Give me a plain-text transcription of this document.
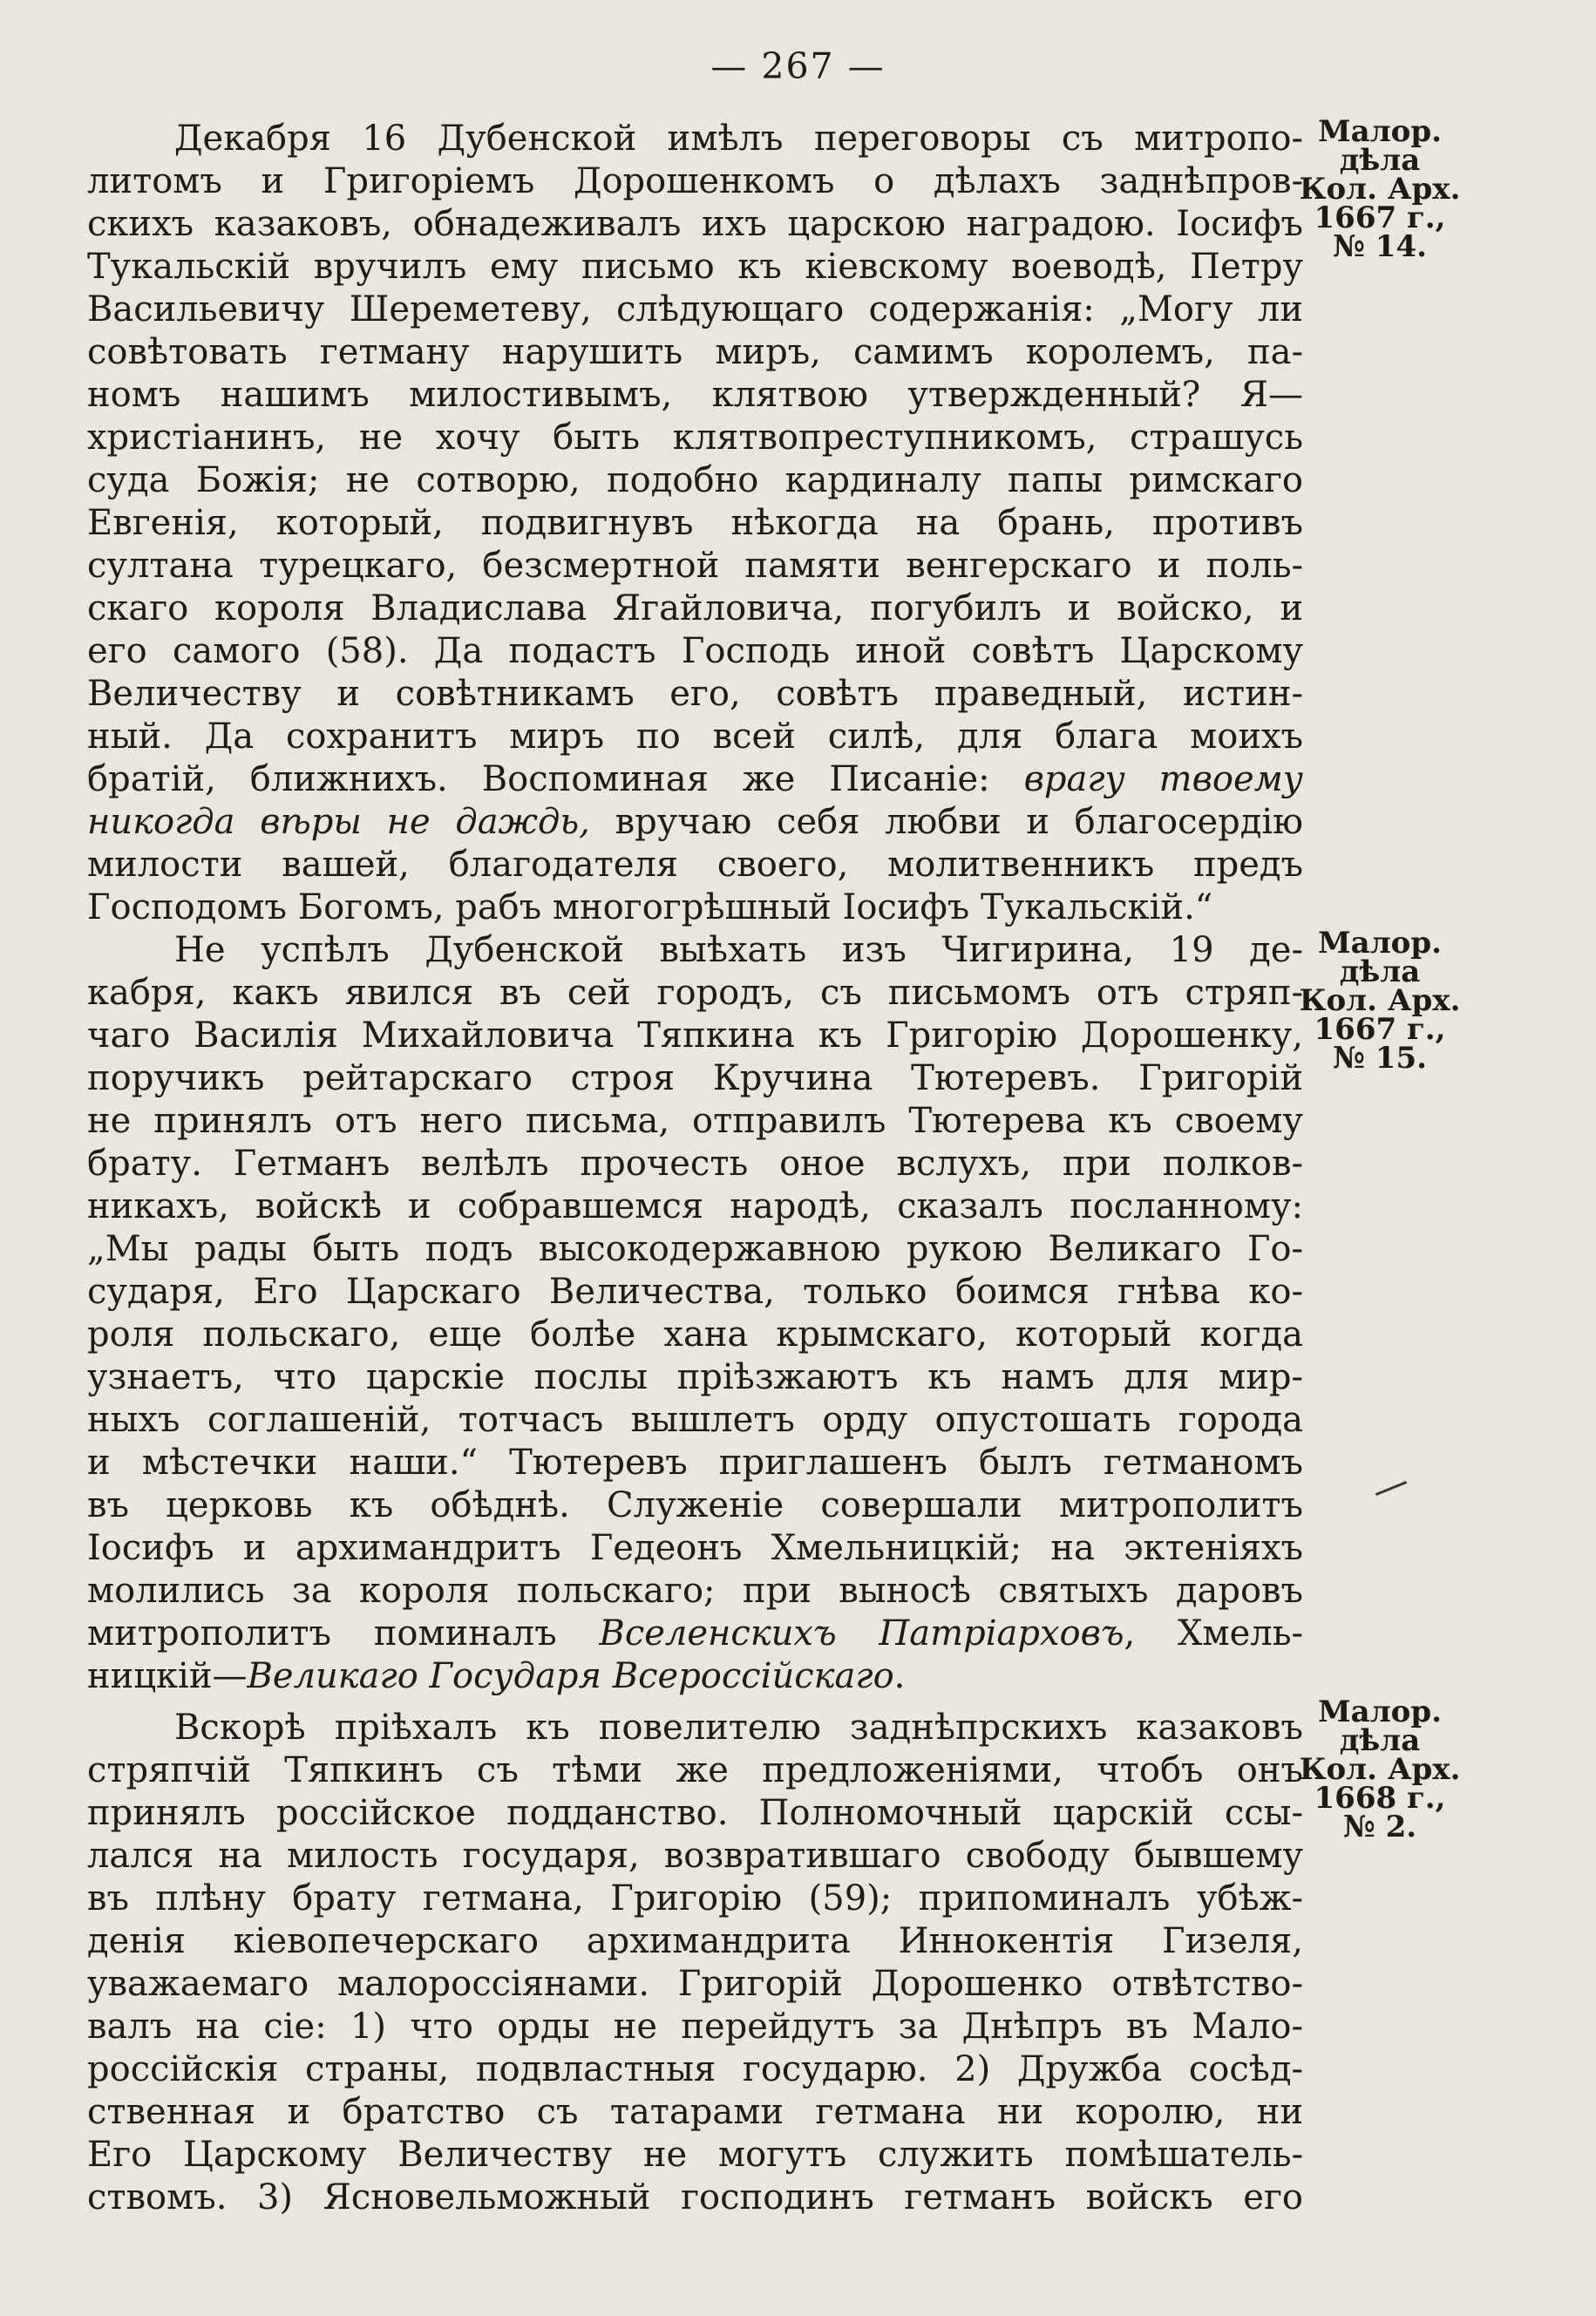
— 267 —
Декабря 16 Дубенской имѣлъ переговоры съ митропо-
литомъ и Григоріемъ Дорошенкомъ о дѣлахъ заднѣпров-
скихъ казаковъ, обнадеживалъ ихъ царскою наградою. Іосифъ
Тукальскій вручилъ ему письмо къ кіевскому воеводѣ, Петру
Васильевичу Шереметеву, слѣдующаго содержанія: „Могу ли
совѣтовать гетману нарушить миръ, самимъ королемъ, па-
номъ нашимъ милостивымъ, клятвою утвержденный? Я—
христіанинъ, не хочу быть клятвопреступникомъ, страшусь
суда Божія; не сотворю, подобно кардиналу папы римскаго
Евгенія, который, подвигнувъ нѣкогда на брань, противъ
султана турецкаго, безсмертной памяти венгерскаго и поль-
скаго короля Владислава Ягайловича, погубилъ и войско, и
его самого (58). Да подастъ Господь иной совѣтъ Царскому
Величеству и совѣтникамъ его, совѣтъ праведный, истин-
ный. Да сохранитъ миръ по всей силѣ, для блага моихъ
братій, ближнихъ. Воспоминая же Писаніе: врагу твоему
никогда вѣры не даждь, вручаю себя любви и благосердію
милости вашей, благодателя своего, молитвенникъ предъ
Господомъ Богомъ, рабъ многогрѣшный Іосифъ Тукальскій.“
Не успѣлъ Дубенской выѣхать изъ Чигирина, 19 де-
кабря, какъ явился въ сей городъ, съ письмомъ отъ стряп-
чаго Василія Михайловича Тяпкина къ Григорію Дорошенку,
поручикъ рейтарскаго строя Кручина Тютеревъ. Григорій
не принялъ отъ него письма, отправилъ Тютерева къ своему
брату. Гетманъ велѣлъ прочесть оное вслухъ, при полков-
никахъ, войскѣ и собравшемся народѣ, сказалъ посланному:
„Мы рады быть подъ высокодержавною рукою Великаго Го-
сударя, Его Царскаго Величества, только боимся гнѣва ко-
роля польскаго, еще болѣе хана крымскаго, который когда
узнаетъ, что царскіе послы пріѣзжаютъ къ намъ для мир-
ныхъ соглашеній, тотчасъ вышлетъ орду опустошать города
и мѣстечки наши.“ Тютеревъ приглашенъ былъ гетманомъ
въ церковь къ обѣднѣ. Служеніе совершали митрополитъ
Іосифъ и архимандритъ Гедеонъ Хмельницкій; на эктеніяхъ
молились за короля польскаго; при выносѣ святыхъ даровъ
митрополитъ поминалъ Вселенскихъ Патріарховъ, Хмель-
ницкій—Великаго Государя Всероссійскаго.
Вскорѣ пріѣхалъ къ повелителю заднѣпрскихъ казаковъ
стряпчій Тяпкинъ съ тѣми же предложеніями, чтобъ онъ
принялъ россійское подданство. Полномочный царскій ссы-
лался на милость государя, возвратившаго свободу бывшему
въ плѣну брату гетмана, Григорію (59); припоминалъ убѣж-
денія кіевопечерскаго архимандрита Иннокентія Гизеля,
уважаемаго малороссіянами. Григорій Дорошенко отвѣтство-
валъ на сіе: 1) что орды не перейдутъ за Днѣпръ въ Мало-
россійскія страны, подвластныя государю. 2) Дружба сосѣд-
ственная и братство съ татарами гетмана ни королю, ни
Его Царскому Величеству не могутъ служить помѣшатель-
ствомъ. 3) Ясновельможный господинъ гетманъ войскъ его
Малор.
дѣла
Кол. Арх.
1667 г.,
№ 14.
Малор.
дѣла
Кол. Арх.
1667 г.,
№ 15.
Малор.
дѣла
Кол. Арх.
1668 г.,
№ 2.
